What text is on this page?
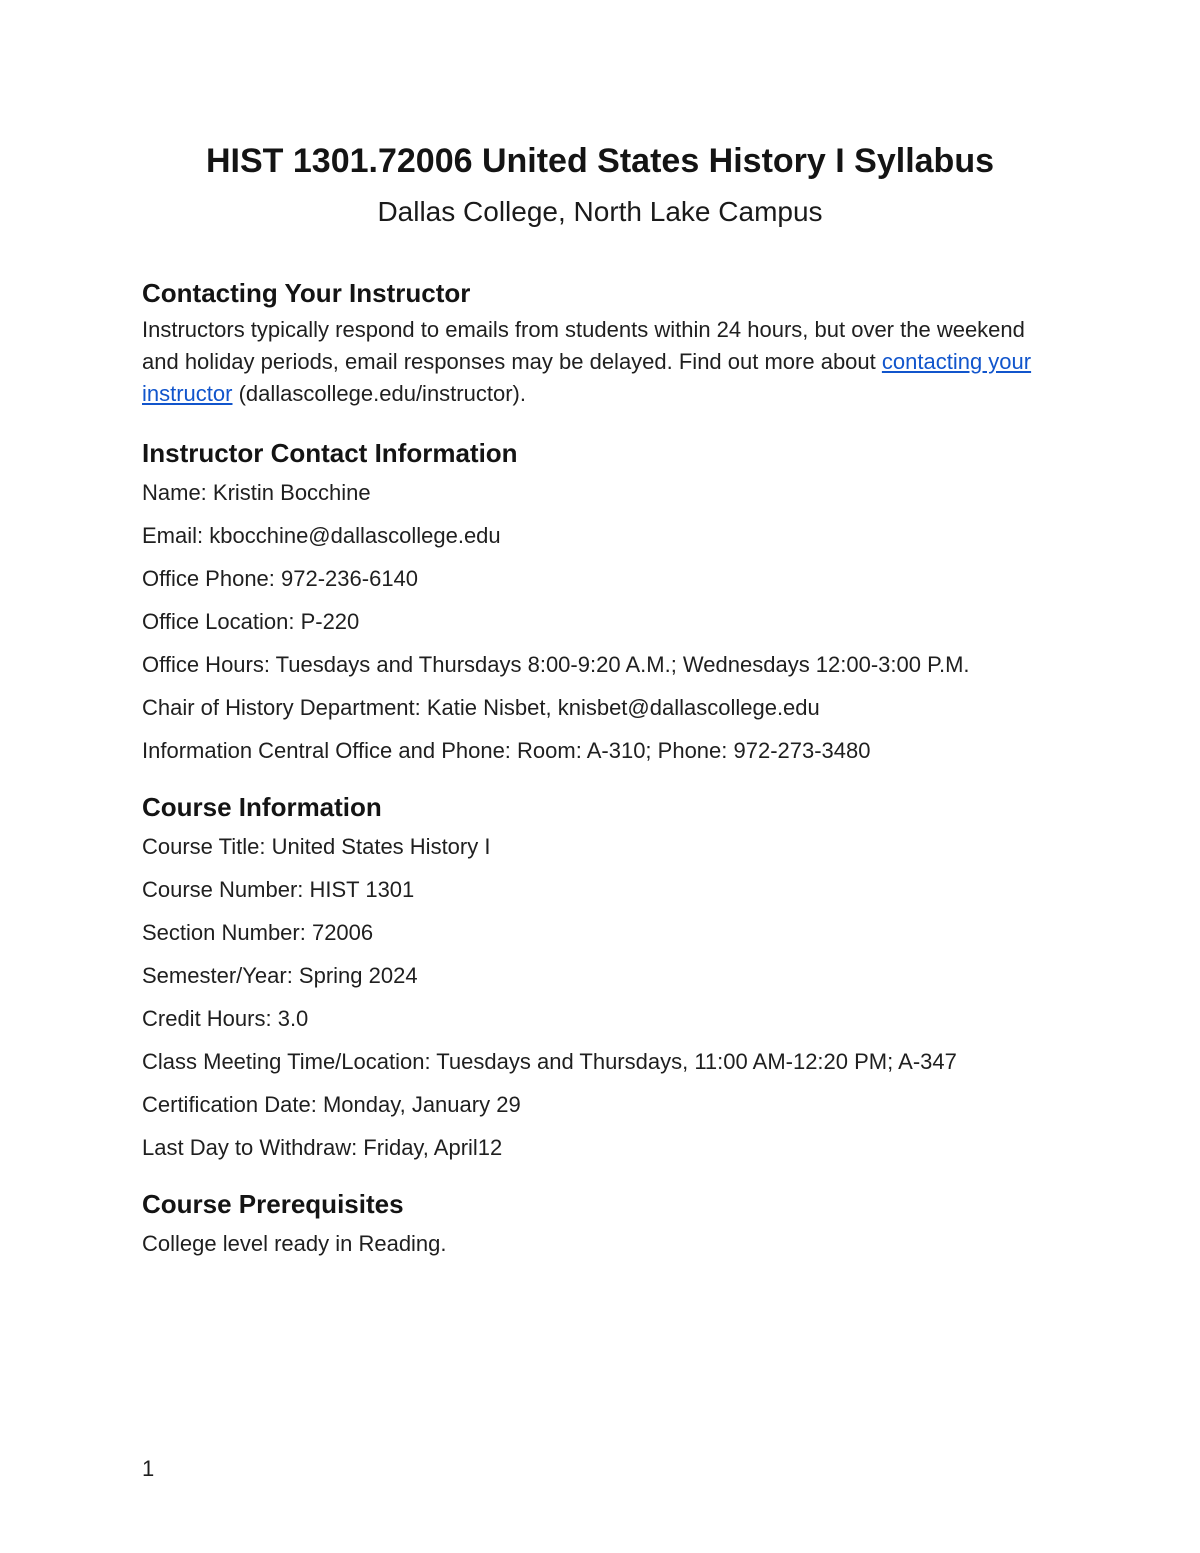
HIST 1301.72006 United States History I Syllabus
Dallas College, North Lake Campus
Contacting Your Instructor

Instructors typically respond to emails from students within 24 hours, but over the weekend and holiday periods, email responses may be delayed. Find out more about contacting your instructor (dallascollege.edu/instructor).

Instructor Contact Information

Name: Kristin Bocchine

Email: kbocchine@dallascollege.edu

Office Phone: 972-236-6140

Office Location: P-220

Office Hours: Tuesdays and Thursdays 8:00-9:20 A.M.; Wednesdays 12:00-3:00 P.M.

Chair of History Department: Katie Nisbet, knisbet@dallascollege.edu

Information Central Office and Phone: Room: A-310; Phone: 972-273-3480

Course Information

Course Title: United States History I

Course Number: HIST 1301

Section Number: 72006

Semester/Year: Spring 2024

Credit Hours: 3.0

Class Meeting Time/Location: Tuesdays and Thursdays, 11:00 AM-12:20 PM; A-347

Certification Date: Monday, January 29

Last Day to Withdraw: Friday, April12

Course Prerequisites

College level ready in Reading.

1
